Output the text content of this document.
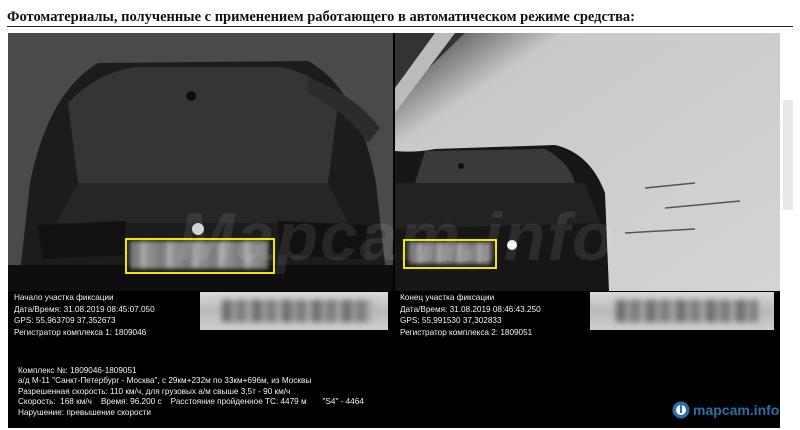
Фотоматериалы, полученные с применением работающего в автоматическом режиме средства:
Начало участка фиксации
Дата/Время: 31.08.2019 08:45:07.050
GPS: 55,963709 37,352673
Регистратор комплекса 1: 1809046
Конец участка фиксации
Дата/Время: 31.08.2019 08:46:43.250
GPS: 55,991530 37,302833
Регистратор комплекса 2: 1809051
Комплекс №: 1809046-1809051
а/д М-11 "Санкт-Петербург - Москва", с 29км+232м по 33км+696м, из Москвы
Разрешенная скорость: 110 км/ч, для грузовых а/м свыше 3,5т - 90 км/ч
Скорость:  168 км/ч    Время: 96.200 с    Расстояние пройденное ТС: 4479 м       "S4" - 4464
Нарушение: превышение скорости	mapcam.info
